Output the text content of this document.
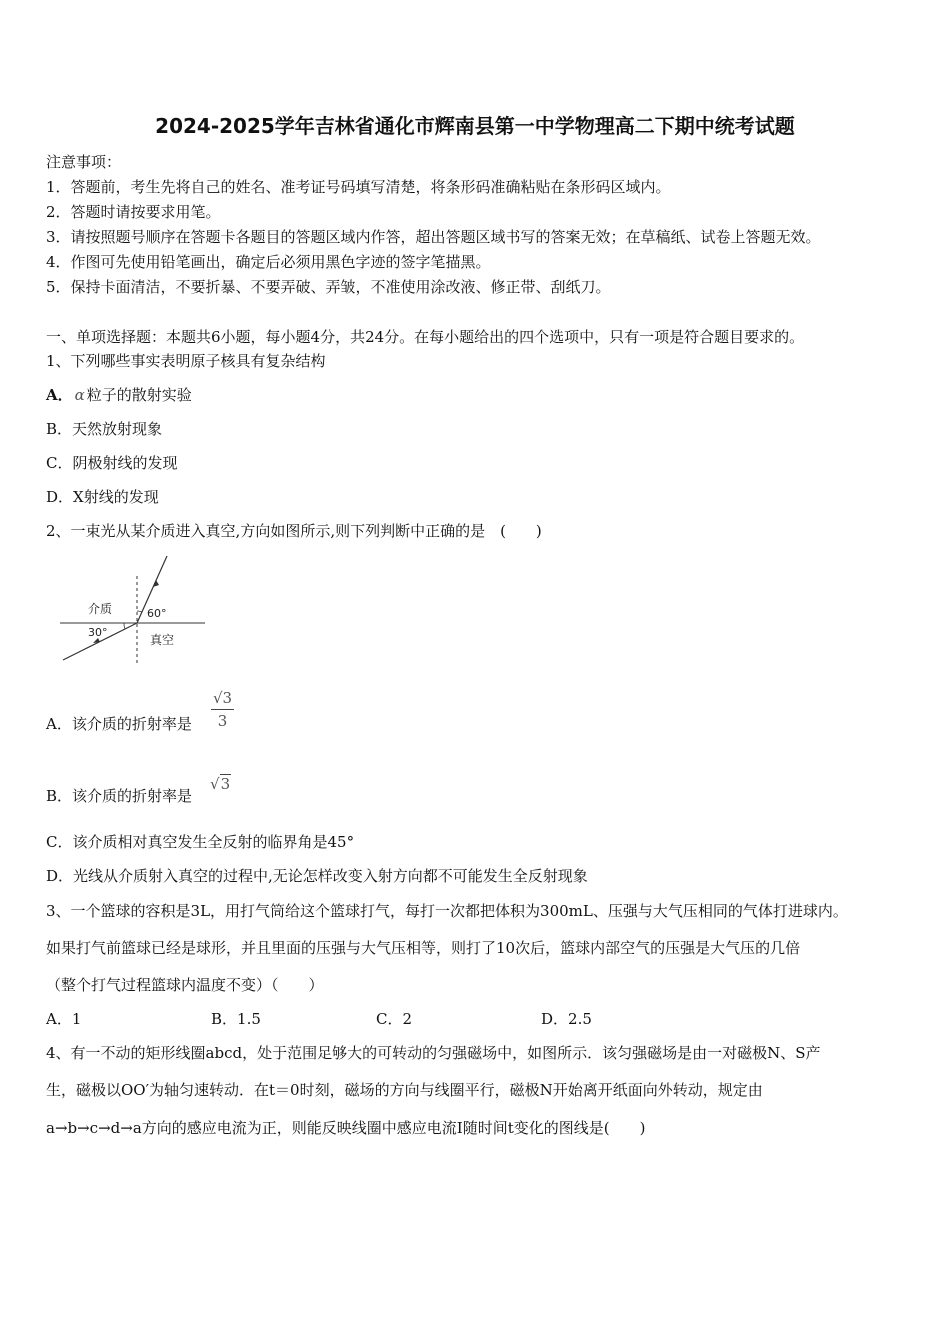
2024-2025学年吉林省通化市辉南县第一中学物理高二下期中统考试题
注意事项：
1．答题前，考生先将自己的姓名、准考证号码填写清楚，将条形码准确粘贴在条形码区域内。
2．答题时请按要求用笔。
3．请按照题号顺序在答题卡各题目的答题区域内作答，超出答题区域书写的答案无效；在草稿纸、试卷上答题无效。
4．作图可先使用铅笔画出，确定后必须用黑色字迹的签字笔描黑。
5．保持卡面清洁，不要折暴、不要弄破、弄皱，不准使用涂改液、修正带、刮纸刀。
一、单项选择题：本题共6小题，每小题4分，共24分。在每小题给出的四个选项中，只有一项是符合题目要求的。
1、下列哪些事实表明原子核具有复杂结构
A． α 粒子的散射实验
B．天然放射现象
C．阴极射线的发现
D．X射线的发现
2、一束光从某介质进入真空,方向如图所示,则下列判断中正确的是　(　　)
介质
真空
30°
60°
A．该介质的折射率是 $\frac{√3}{3}$
B．该介质的折射率是
√3
C．该介质相对真空发生全反射的临界角是45°
D．光线从介质射入真空的过程中,无论怎样改变入射方向都不可能发生全反射现象
3、一个篮球的容积是3L，用打气筒给这个篮球打气，每打一次都把体积为300mL、压强与大气压相同的气体打进球内。
如果打气前篮球已经是球形，并且里面的压强与大气压相等，则打了10次后，篮球内部空气的压强是大气压的几倍
（整个打气过程篮球内温度不变）（　　）
A．1	B．1.5	C．2	D．2.5
4、有一不动的矩形线圈abcd，处于范围足够大的可转动的匀强磁场中，如图所示．该匀强磁场是由一对磁极N、S产
生，磁极以OO′为轴匀速转动．在t＝0时刻，磁场的方向与线圈平行，磁极N开始离开纸面向外转动，规定由
a→b→c→d→a方向的感应电流为正，则能反映线圈中感应电流I随时间t变化的图线是(　　)
